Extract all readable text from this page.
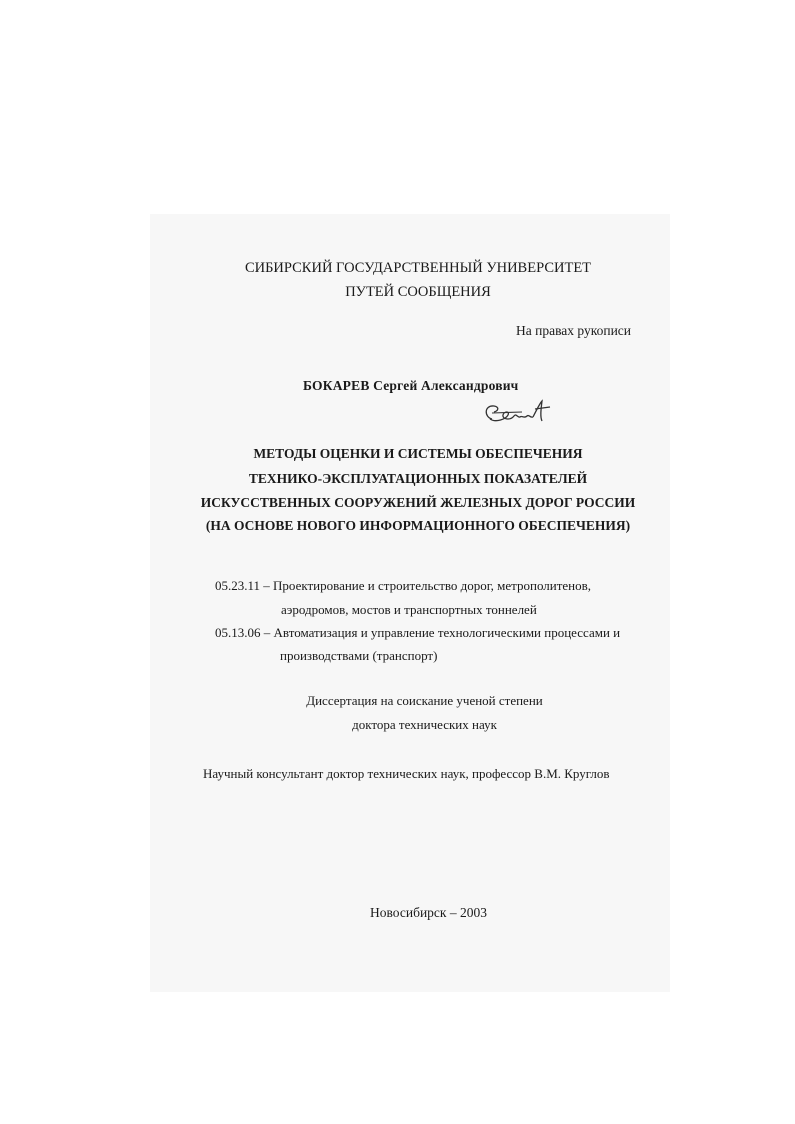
СИБИРСКИЙ ГОСУДАРСТВЕННЫЙ УНИВЕРСИТЕТ
ПУТЕЙ СООБЩЕНИЯ
На правах рукописи
БОКАРЕВ Сергей Александрович
МЕТОДЫ ОЦЕНКИ И СИСТЕМЫ ОБЕСПЕЧЕНИЯ
ТЕХНИКО-ЭКСПЛУАТАЦИОННЫХ ПОКАЗАТЕЛЕЙ
ИСКУССТВЕННЫХ СООРУЖЕНИЙ ЖЕЛЕЗНЫХ ДОРОГ РОССИИ
(НА ОСНОВЕ НОВОГО ИНФОРМАЦИОННОГО ОБЕСПЕЧЕНИЯ)
05.23.11 – Проектирование и строительство дорог, метрополитенов,
аэродромов, мостов и транспортных тоннелей
05.13.06 – Автоматизация и управление технологическими процессами и
производствами (транспорт)
Диссертация на соискание ученой степени
доктора технических наук
Научный консультант доктор технических наук, профессор В.М. Круглов
Новосибирск – 2003
